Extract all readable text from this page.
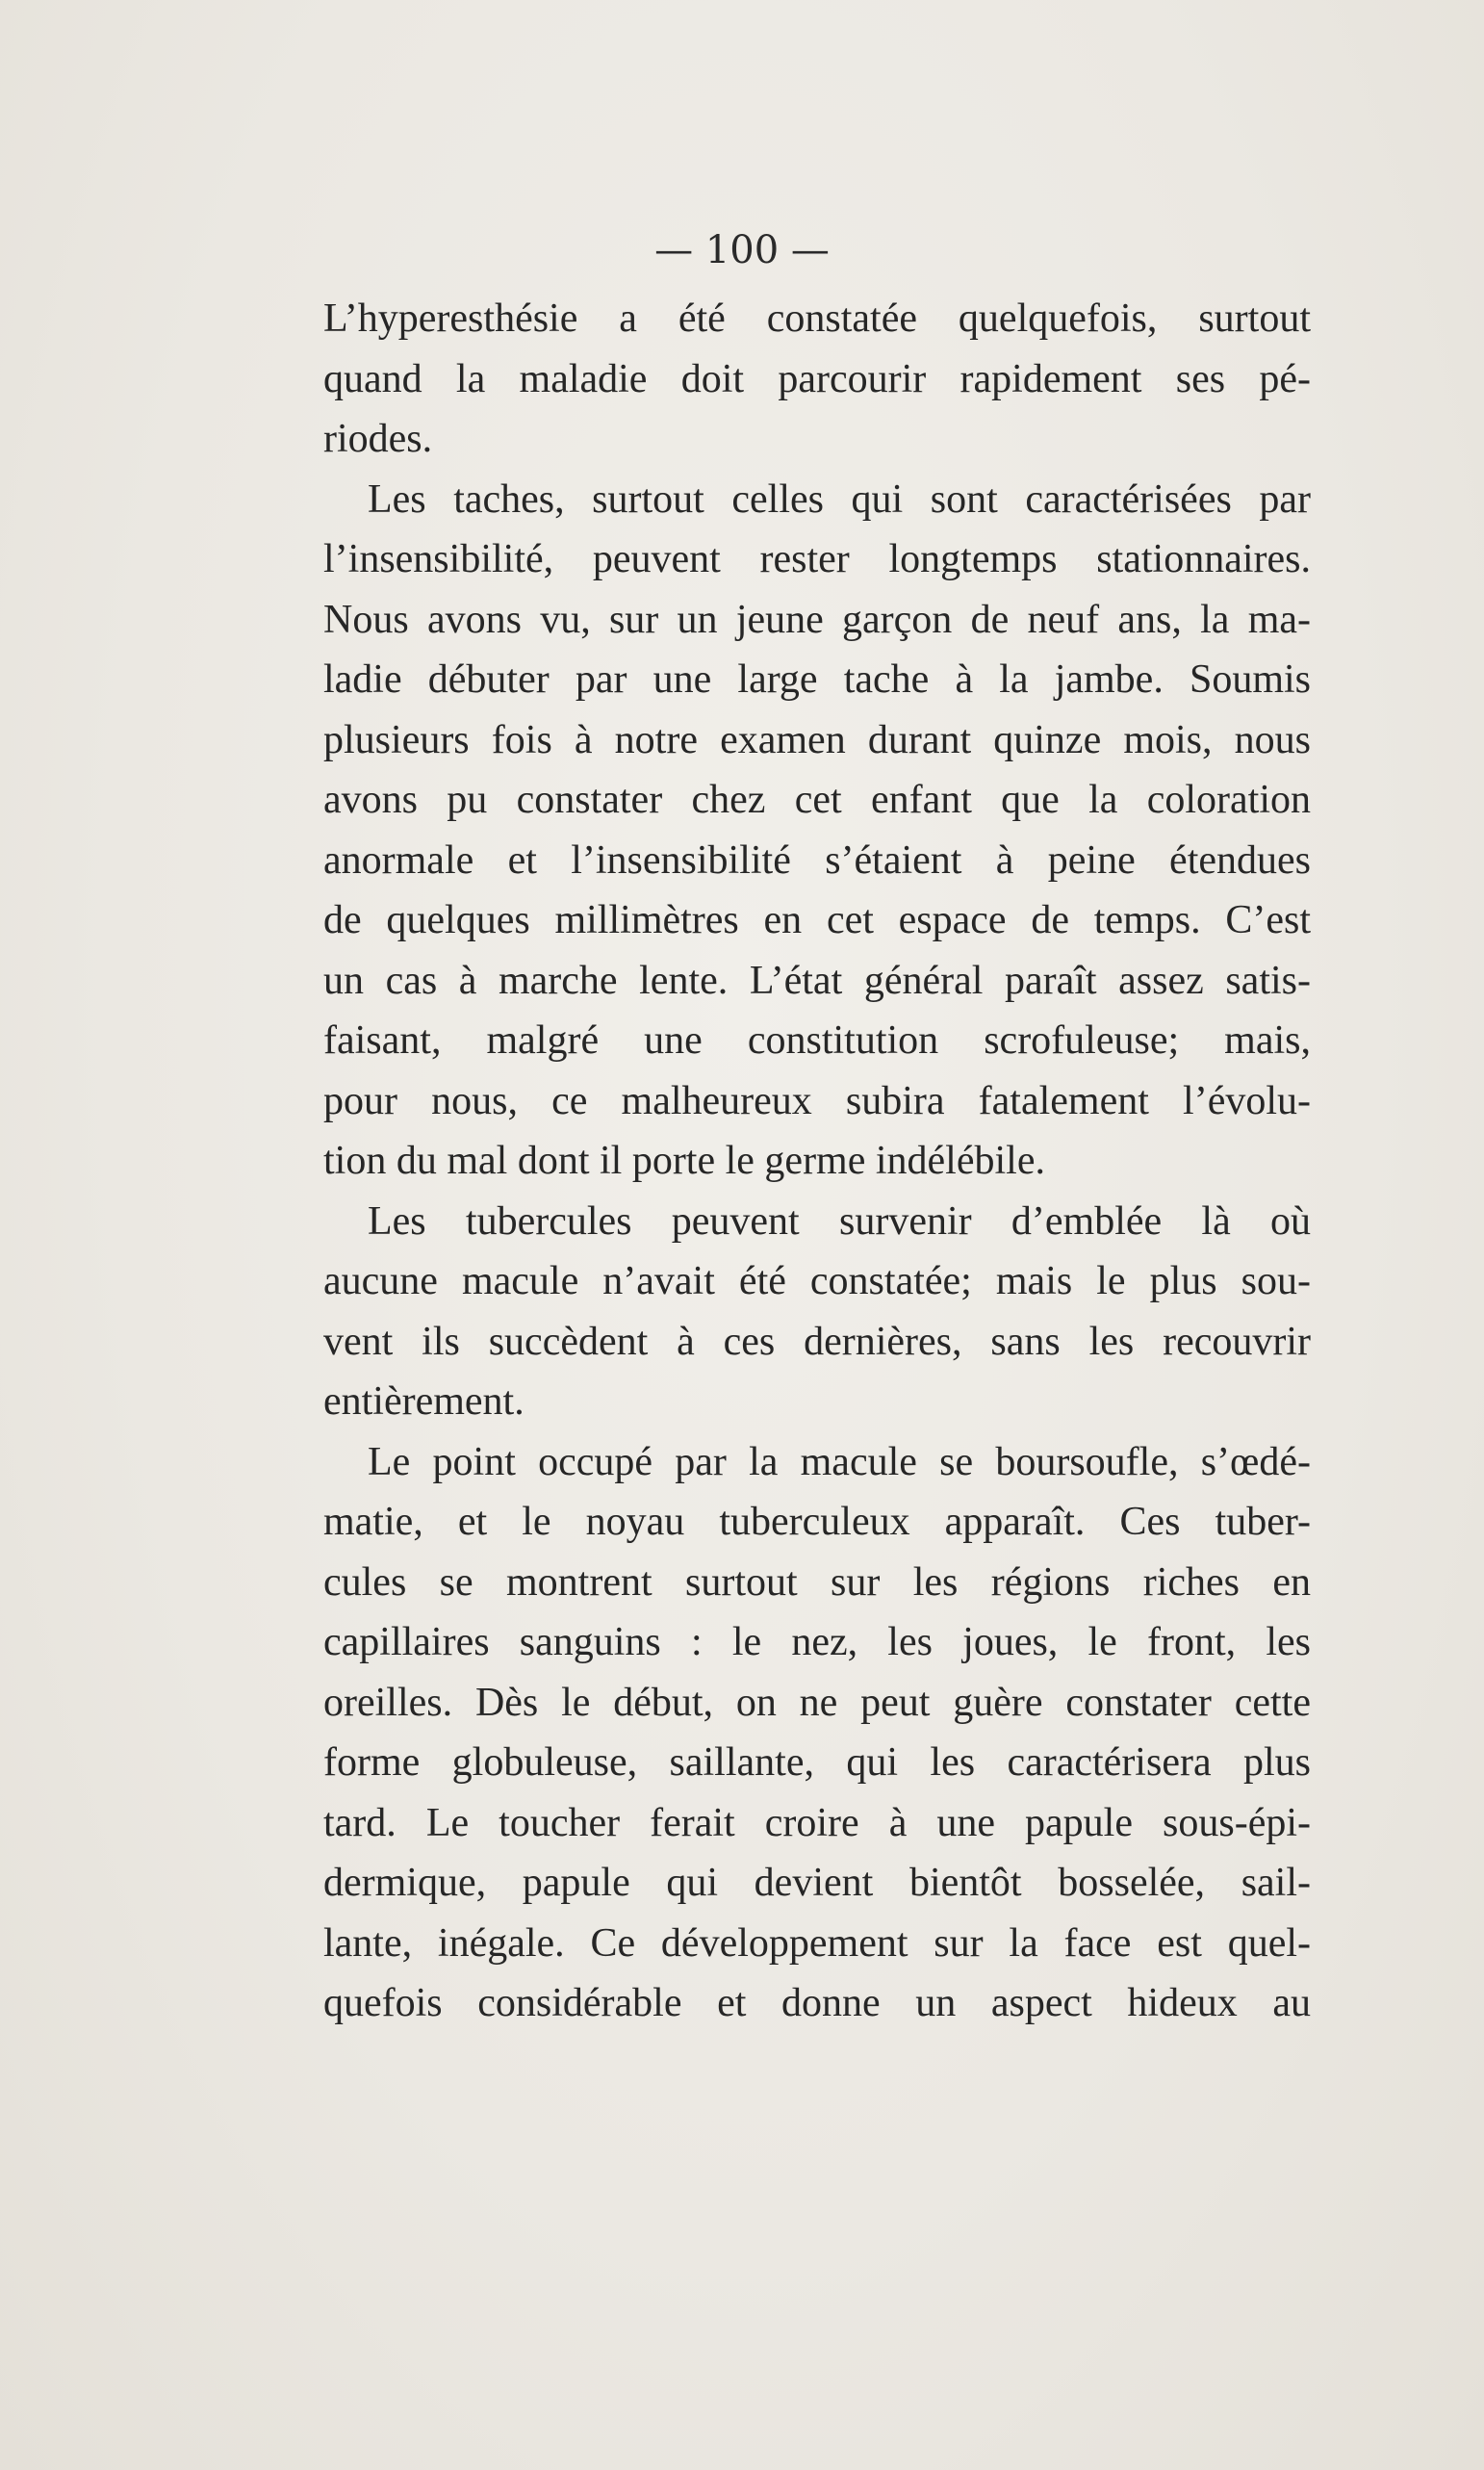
— 100 —
L’hyperesthésie a été constatée quelquefois, surtout
quand la maladie doit parcourir rapidement ses pé-
riodes.
Les taches, surtout celles qui sont caractérisées par
l’insensibilité, peuvent rester longtemps stationnaires.
Nous avons vu, sur un jeune garçon de neuf ans, la ma-
ladie débuter par une large tache à la jambe. Soumis
plusieurs fois à notre examen durant quinze mois, nous
avons pu constater chez cet enfant que la coloration
anormale et l’insensibilité s’étaient à peine étendues
de quelques millimètres en cet espace de temps. C’est
un cas à marche lente. L’état général paraît assez satis-
faisant, malgré une constitution scrofuleuse; mais,
pour nous, ce malheureux subira fatalement l’évolu-
tion du mal dont il porte le germe indélébile.
Les tubercules peuvent survenir d’emblée là où
aucune macule n’avait été constatée; mais le plus sou-
vent ils succèdent à ces dernières, sans les recouvrir
entièrement.
Le point occupé par la macule se boursoufle, s’œdé-
matie, et le noyau tuberculeux apparaît. Ces tuber-
cules se montrent surtout sur les régions riches en
capillaires sanguins : le nez, les joues, le front, les
oreilles. Dès le début, on ne peut guère constater cette
forme globuleuse, saillante, qui les caractérisera plus
tard. Le toucher ferait croire à une papule sous-épi-
dermique, papule qui devient bientôt bosselée, sail-
lante, inégale. Ce développement sur la face est quel-
quefois considérable et donne un aspect hideux au
